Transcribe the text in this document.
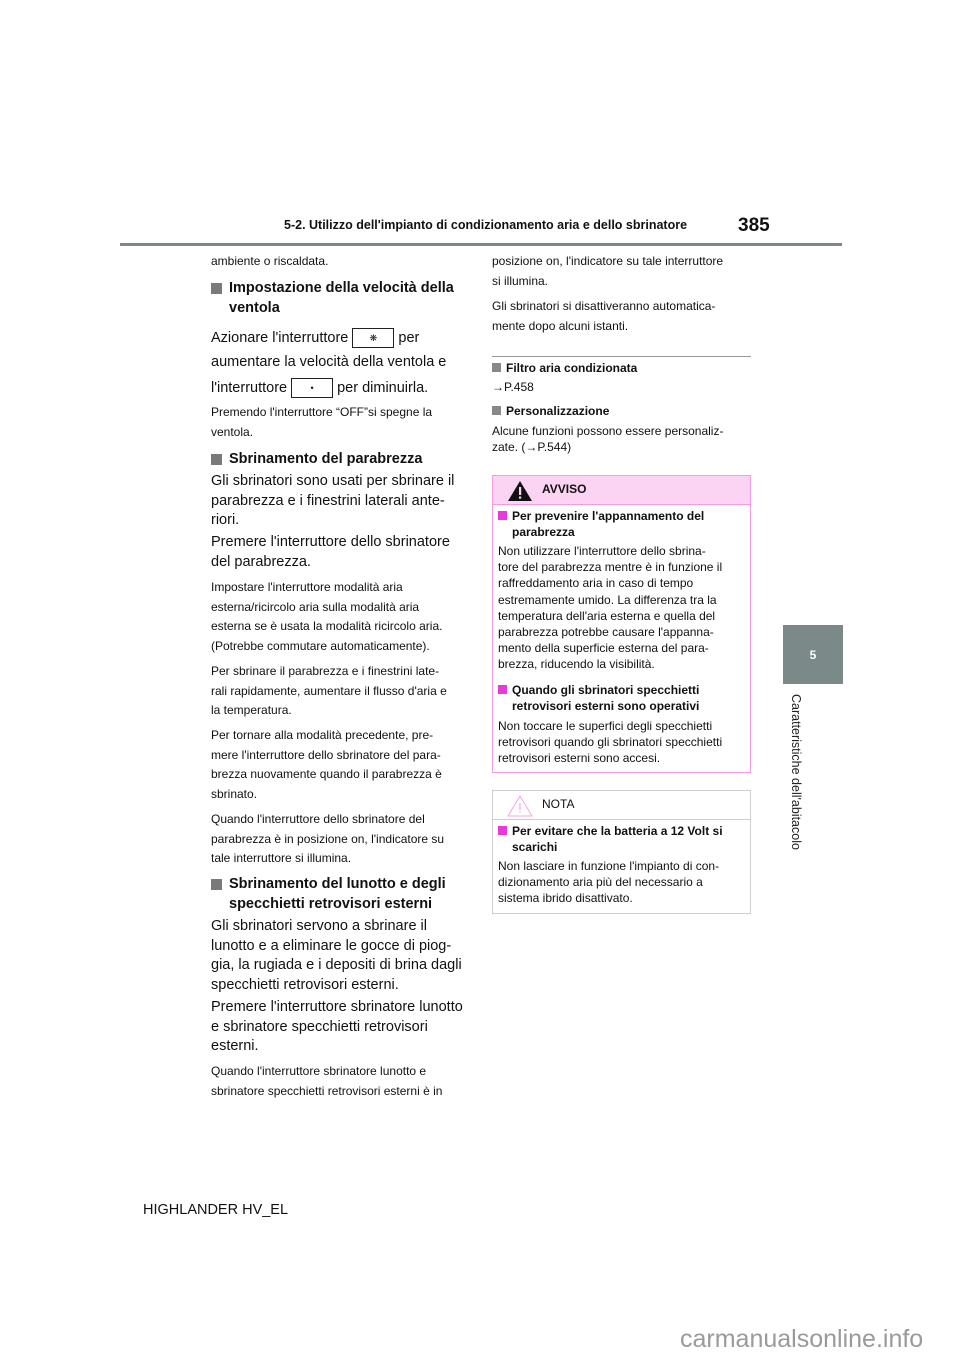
5-2. Utilizzo dell'impianto di condizionamento aria e dello sbrinatore	385
5
Caratteristiche dell'abitacolo
ambiente o riscaldata.
Impostazione della velocità della
ventola
Azionare l'interruttore ❋ per
aumentare la velocità della ventola e
l'interruttore	• per diminuirla.
Premendo l'interruttore “OFF”si spegne la
ventola.
Sbrinamento del parabrezza
Gli sbrinatori sono usati per sbrinare il
parabrezza e i finestrini laterali ante-
riori.
Premere l'interruttore dello sbrinatore
del parabrezza.
Impostare l'interruttore modalità aria
esterna/ricircolo aria sulla modalità aria
esterna se è usata la modalità ricircolo aria.
(Potrebbe commutare automaticamente).
Per sbrinare il parabrezza e i finestrini late-
rali rapidamente, aumentare il flusso d'aria e
la temperatura.
Per tornare alla modalità precedente, pre-
mere l'interruttore dello sbrinatore del para-
brezza nuovamente quando il parabrezza è
sbrinato.
Quando l'interruttore dello sbrinatore del
parabrezza è in posizione on, l'indicatore su
tale interruttore si illumina.
Sbrinamento del lunotto e degli
specchietti retrovisori esterni
Gli sbrinatori servono a sbrinare il
lunotto e a eliminare le gocce di piog-
gia, la rugiada e i depositi di brina dagli
specchietti retrovisori esterni.
Premere l'interruttore sbrinatore lunotto
e sbrinatore specchietti retrovisori
esterni.
Quando l'interruttore sbrinatore lunotto e
sbrinatore specchietti retrovisori esterni è in
posizione on, l'indicatore su tale interruttore
si illumina.
Gli sbrinatori si disattiveranno automatica-
mente dopo alcuni istanti.
Filtro aria condizionata
→P.458
Personalizzazione
Alcune funzioni possono essere personaliz-
zate. (→P.544)
AVVISO
Per prevenire l'appannamento del
parabrezza
Non utilizzare l'interruttore dello sbrina-
tore del parabrezza mentre è in funzione il
raffreddamento aria in caso di tempo
estremamente umido. La differenza tra la
temperatura dell'aria esterna e quella del
parabrezza potrebbe causare l'appanna-
mento della superficie esterna del para-
brezza, riducendo la visibilità.
Quando gli sbrinatori specchietti
retrovisori esterni sono operativi
Non toccare le superfici degli specchietti
retrovisori quando gli sbrinatori specchietti
retrovisori esterni sono accesi.
NOTA
Per evitare che la batteria a 12 Volt si
scarichi
Non lasciare in funzione l'impianto di con-
dizionamento aria più del necessario a
sistema ibrido disattivato.
HIGHLANDER HV_EL
carmanualsonline.info
